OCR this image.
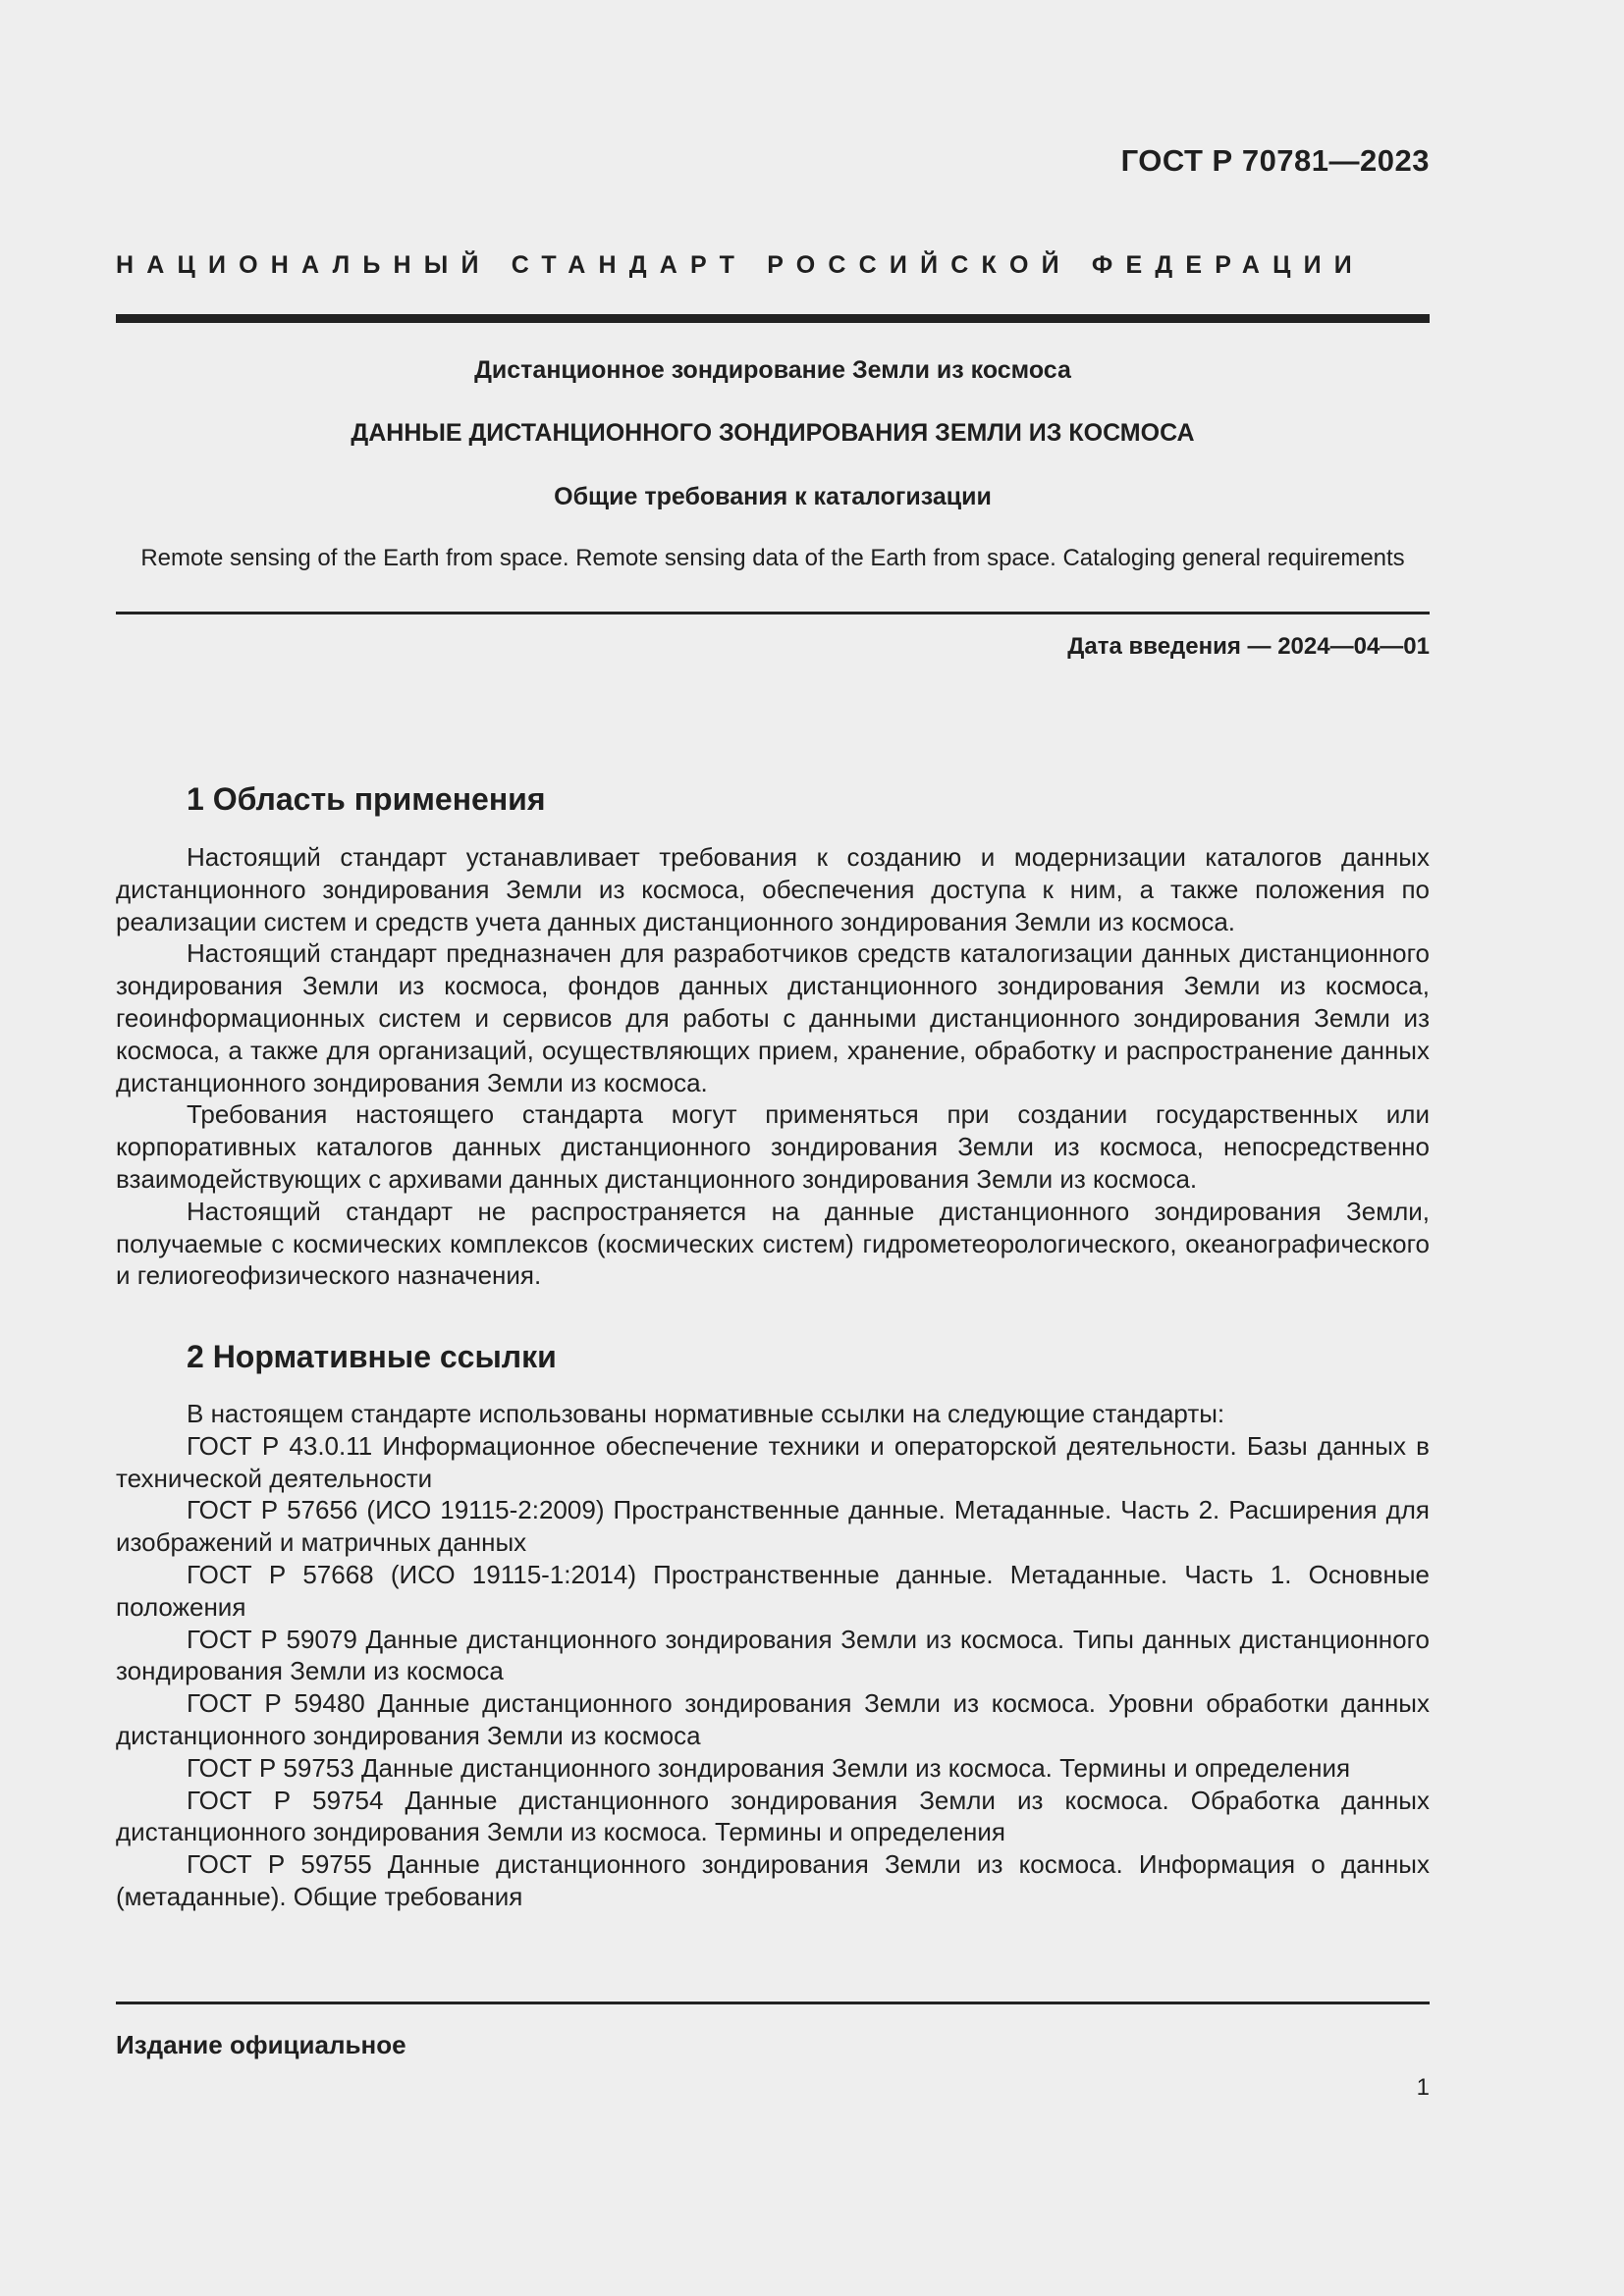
ГОСТ Р 70781—2023
НАЦИОНАЛЬНЫЙ СТАНДАРТ РОССИЙСКОЙ ФЕДЕРАЦИИ
Дистанционное зондирование Земли из космоса
ДАННЫЕ ДИСТАНЦИОННОГО ЗОНДИРОВАНИЯ ЗЕМЛИ ИЗ КОСМОСА
Общие требования к каталогизации
Remote sensing of the Earth from space. Remote sensing data of the Earth from space. Cataloging general requirements
Дата введения — 2024—04—01
1 Область применения

Настоящий стандарт устанавливает требования к созданию и модернизации каталогов данных дистанционного зондирования Земли из космоса, обеспечения доступа к ним, а также положения по реализации систем и средств учета данных дистанционного зондирования Земли из космоса.

Настоящий стандарт предназначен для разработчиков средств каталогизации данных дистанционного зондирования Земли из космоса, фондов данных дистанционного зондирования Земли из космоса, геоинформационных систем и сервисов для работы с данными дистанционного зондирования Земли из космоса, а также для организаций, осуществляющих прием, хранение, обработку и распространение данных дистанционного зондирования Земли из космоса.

Требования настоящего стандарта могут применяться при создании государственных или корпоративных каталогов данных дистанционного зондирования Земли из космоса, непосредственно взаимодействующих с архивами данных дистанционного зондирования Земли из космоса.

Настоящий стандарт не распространяется на данные дистанционного зондирования Земли, получаемые с космических комплексов (космических систем) гидрометеорологического, океанографического и гелиогеофизического назначения.

2 Нормативные ссылки

В настоящем стандарте использованы нормативные ссылки на следующие стандарты:

ГОСТ Р 43.0.11 Информационное обеспечение техники и операторской деятельности. Базы данных в технической деятельности

ГОСТ Р 57656 (ИСО 19115-2:2009) Пространственные данные. Метаданные. Часть 2. Расширения для изображений и матричных данных

ГОСТ Р 57668 (ИСО 19115-1:2014) Пространственные данные. Метаданные. Часть 1. Основные положения

ГОСТ Р 59079 Данные дистанционного зондирования Земли из космоса. Типы данных дистанционного зондирования Земли из космоса

ГОСТ Р 59480 Данные дистанционного зондирования Земли из космоса. Уровни обработки данных дистанционного зондирования Земли из космоса

ГОСТ Р 59753 Данные дистанционного зондирования Земли из космоса. Термины и определения

ГОСТ Р 59754 Данные дистанционного зондирования Земли из космоса. Обработка данных дистанционного зондирования Земли из космоса. Термины и определения

ГОСТ Р 59755 Данные дистанционного зондирования Земли из космоса. Информация о данных (метаданные). Общие требования

Издание официальное
1
